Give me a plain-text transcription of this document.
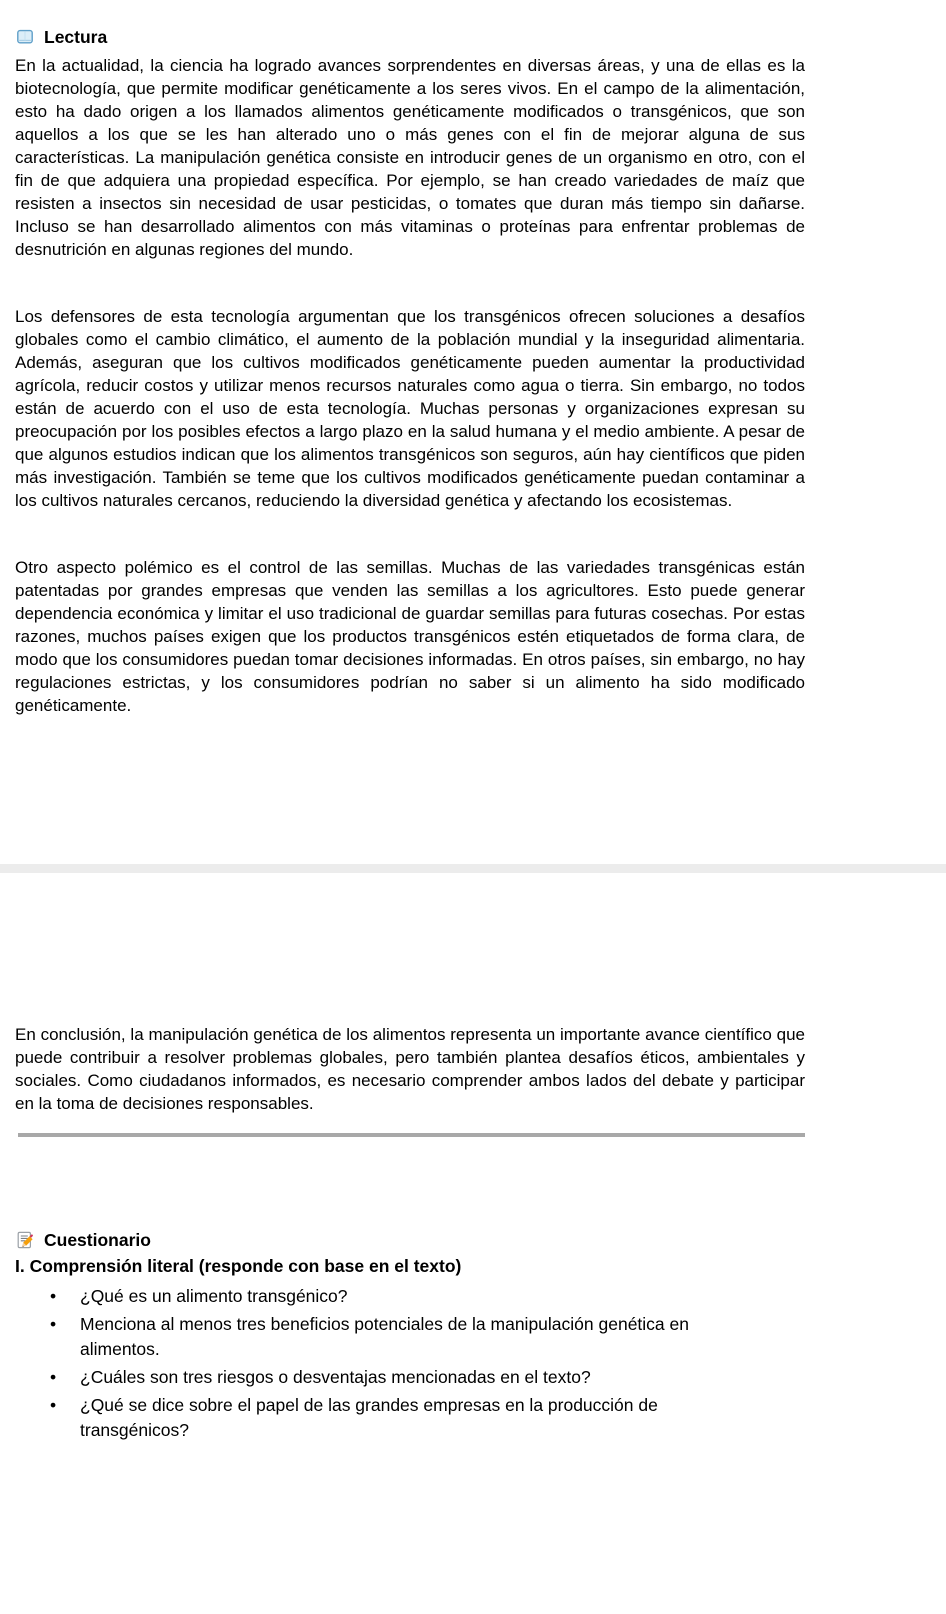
Lectura

En la actualidad, la ciencia ha logrado avances sorprendentes en diversas áreas, y una de ellas es la biotecnología, que permite modificar genéticamente a los seres vivos. En el campo de la alimentación, esto ha dado origen a los llamados alimentos genéticamente modificados o transgénicos, que son aquellos a los que se les han alterado uno o más genes con el fin de mejorar alguna de sus características. La manipulación genética consiste en introducir genes de un organismo en otro, con el fin de que adquiera una propiedad específica. Por ejemplo, se han creado variedades de maíz que resisten a insectos sin necesidad de usar pesticidas, o tomates que duran más tiempo sin dañarse. Incluso se han desarrollado alimentos con más vitaminas o proteínas para enfrentar problemas de desnutrición en algunas regiones del mundo.

Los defensores de esta tecnología argumentan que los transgénicos ofrecen soluciones a desafíos globales como el cambio climático, el aumento de la población mundial y la inseguridad alimentaria. Además, aseguran que los cultivos modificados genéticamente pueden aumentar la productividad agrícola, reducir costos y utilizar menos recursos naturales como agua o tierra. Sin embargo, no todos están de acuerdo con el uso de esta tecnología. Muchas personas y organizaciones expresan su preocupación por los posibles efectos a largo plazo en la salud humana y el medio ambiente. A pesar de que algunos estudios indican que los alimentos transgénicos son seguros, aún hay científicos que piden más investigación. También se teme que los cultivos modificados genéticamente puedan contaminar a los cultivos naturales cercanos, reduciendo la diversidad genética y afectando los ecosistemas.

Otro aspecto polémico es el control de las semillas. Muchas de las variedades transgénicas están patentadas por grandes empresas que venden las semillas a los agricultores. Esto puede generar dependencia económica y limitar el uso tradicional de guardar semillas para futuras cosechas. Por estas razones, muchos países exigen que los productos transgénicos estén etiquetados de forma clara, de modo que los consumidores puedan tomar decisiones informadas. En otros países, sin embargo, no hay regulaciones estrictas, y los consumidores podrían no saber si un alimento ha sido modificado genéticamente.

En conclusión, la manipulación genética de los alimentos representa un importante avance científico que puede contribuir a resolver problemas globales, pero también plantea desafíos éticos, ambientales y sociales. Como ciudadanos informados, es necesario comprender ambos lados del debate y participar en la toma de decisiones responsables.

Cuestionario
I. Comprensión literal (responde con base en el texto)
• ¿Qué es un alimento transgénico?
• Menciona al menos tres beneficios potenciales de la manipulación genética en alimentos.
• ¿Cuáles son tres riesgos o desventajas mencionadas en el texto?
• ¿Qué se dice sobre el papel de las grandes empresas en la producción de transgénicos?
